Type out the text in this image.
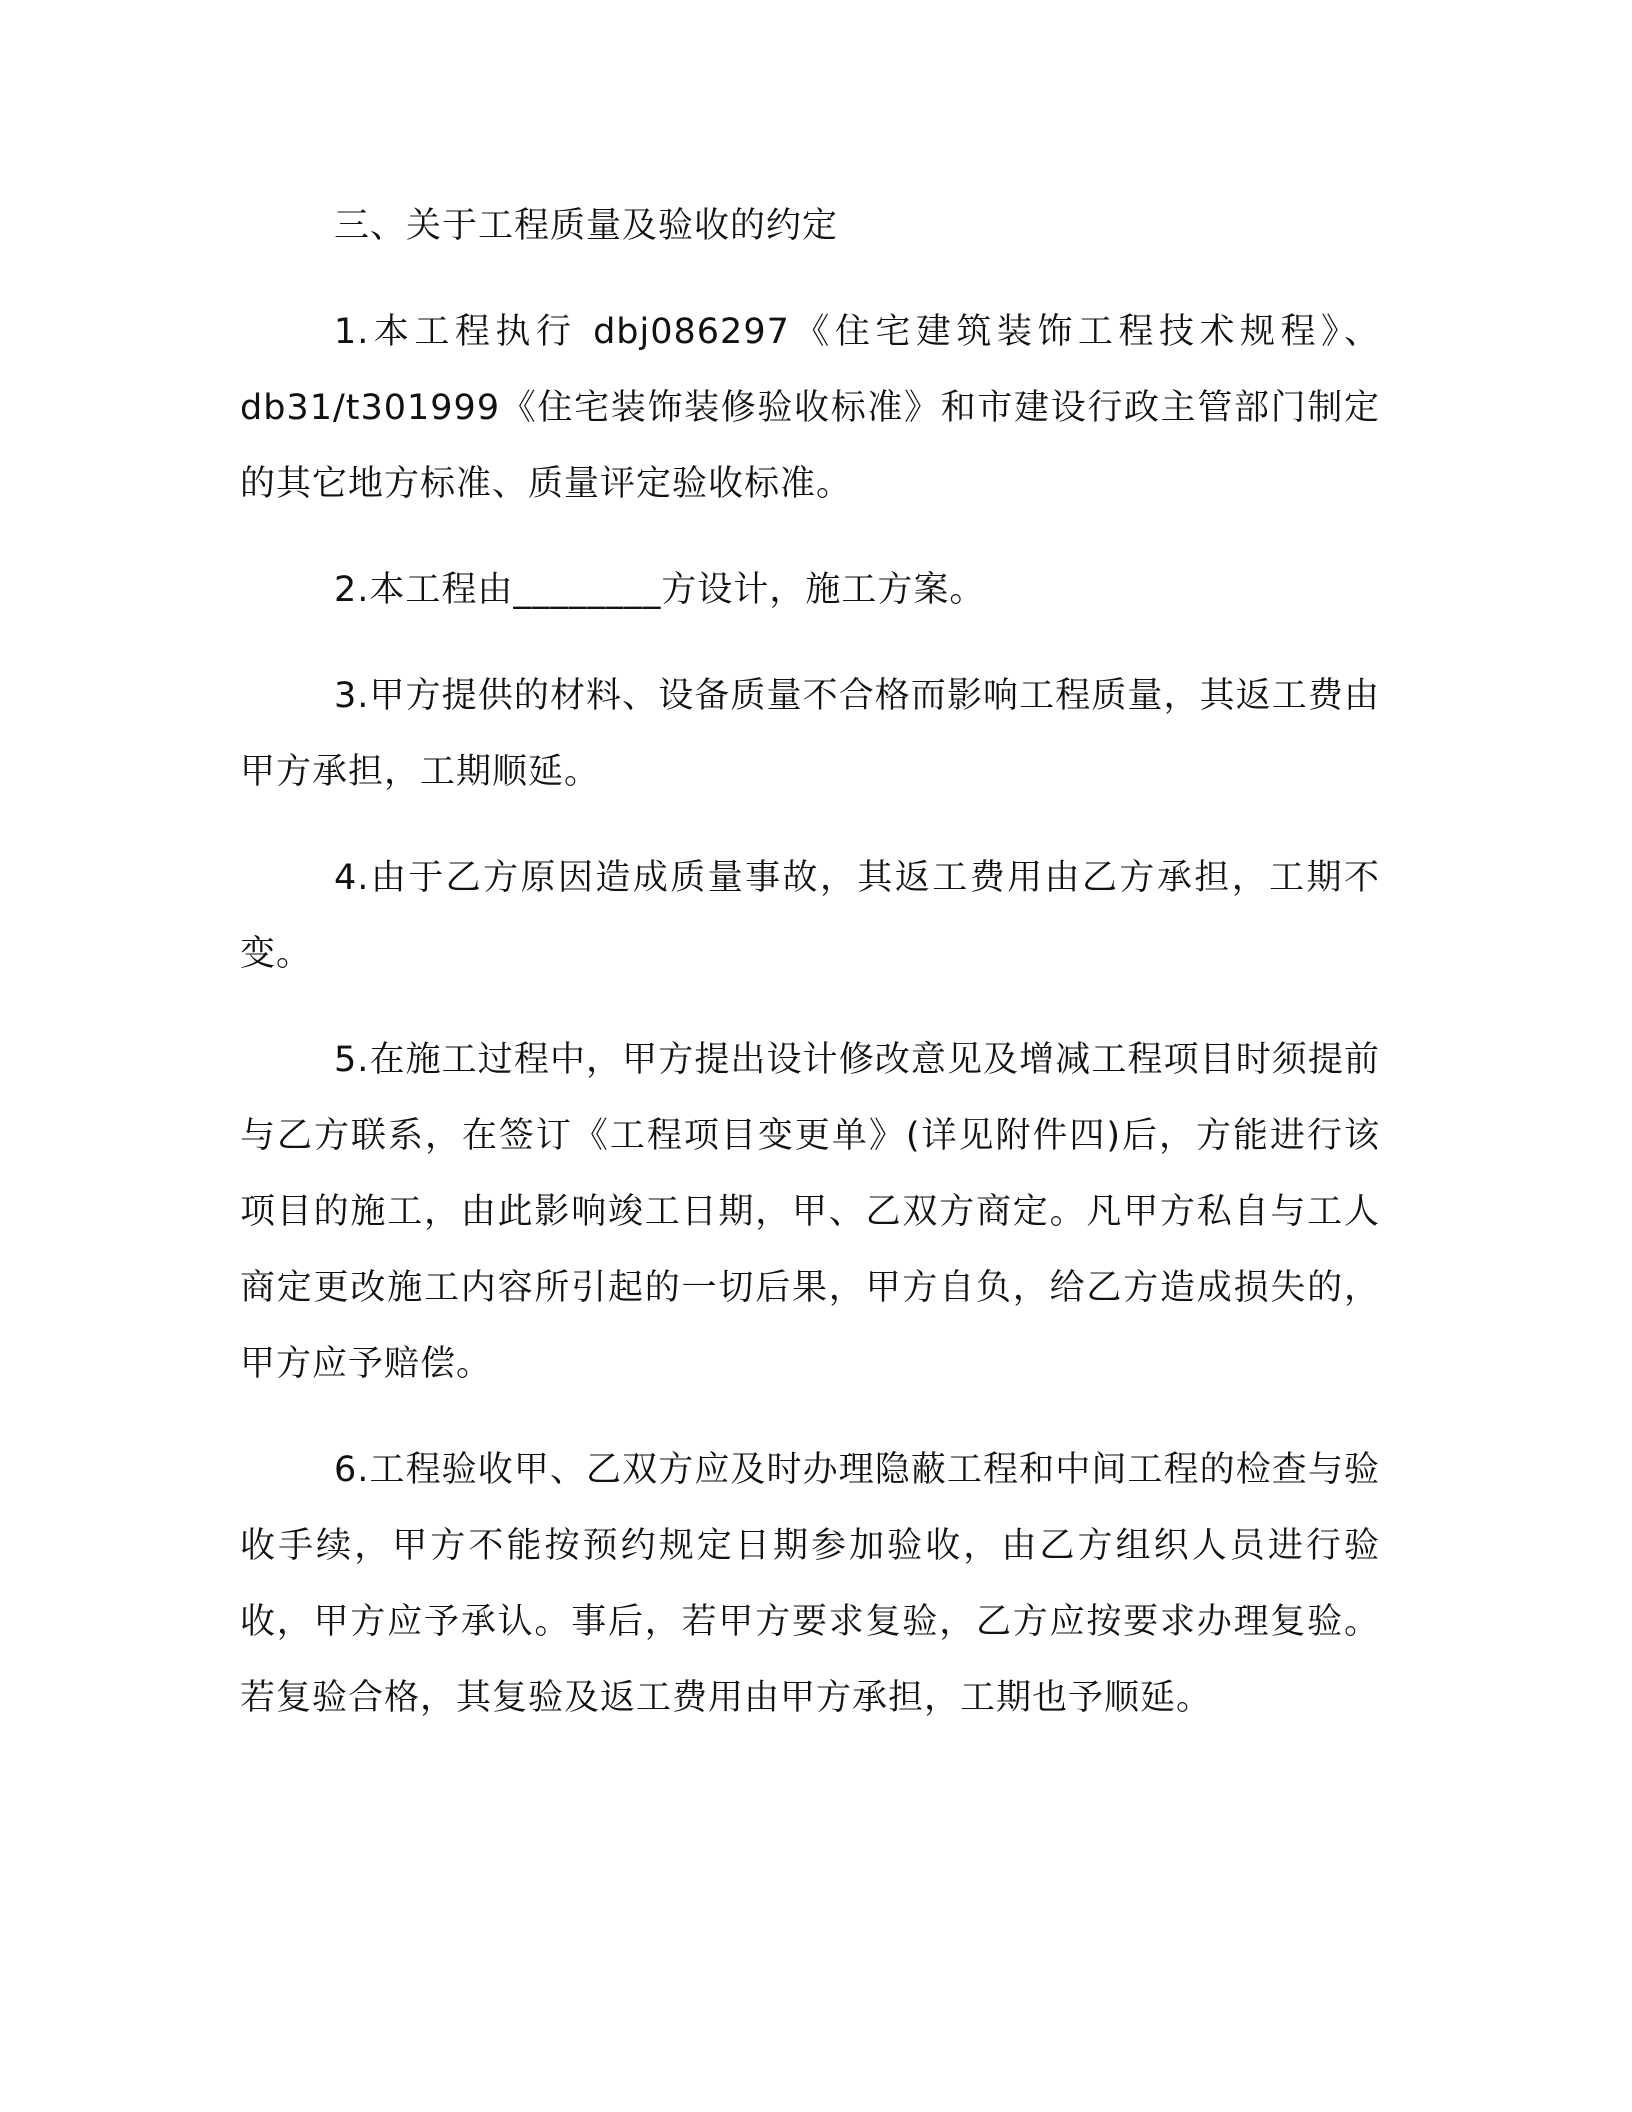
三、关于工程质量及验收的约定
1.本工程执行 dbj086297《住宅建筑装饰工程技术规程》、db31/t301999《住宅装饰装修验收标准》和市建设行政主管部门制定的其它地方标准、质量评定验收标准。
2.本工程由________方设计，施工方案。
3.甲方提供的材料、设备质量不合格而影响工程质量，其返工费由甲方承担，工期顺延。
4.由于乙方原因造成质量事故，其返工费用由乙方承担，工期不变。
5.在施工过程中，甲方提出设计修改意见及增减工程项目时须提前与乙方联系，在签订《工程项目变更单》(详见附件四)后，方能进行该项目的施工，由此影响竣工日期，甲、乙双方商定。凡甲方私自与工人商定更改施工内容所引起的一切后果，甲方自负，给乙方造成损失的，甲方应予赔偿。
6.工程验收甲、乙双方应及时办理隐蔽工程和中间工程的检查与验收手续，甲方不能按预约规定日期参加验收，由乙方组织人员进行验收，甲方应予承认。事后，若甲方要求复验，乙方应按要求办理复验。若复验合格，其复验及返工费用由甲方承担，工期也予顺延。
